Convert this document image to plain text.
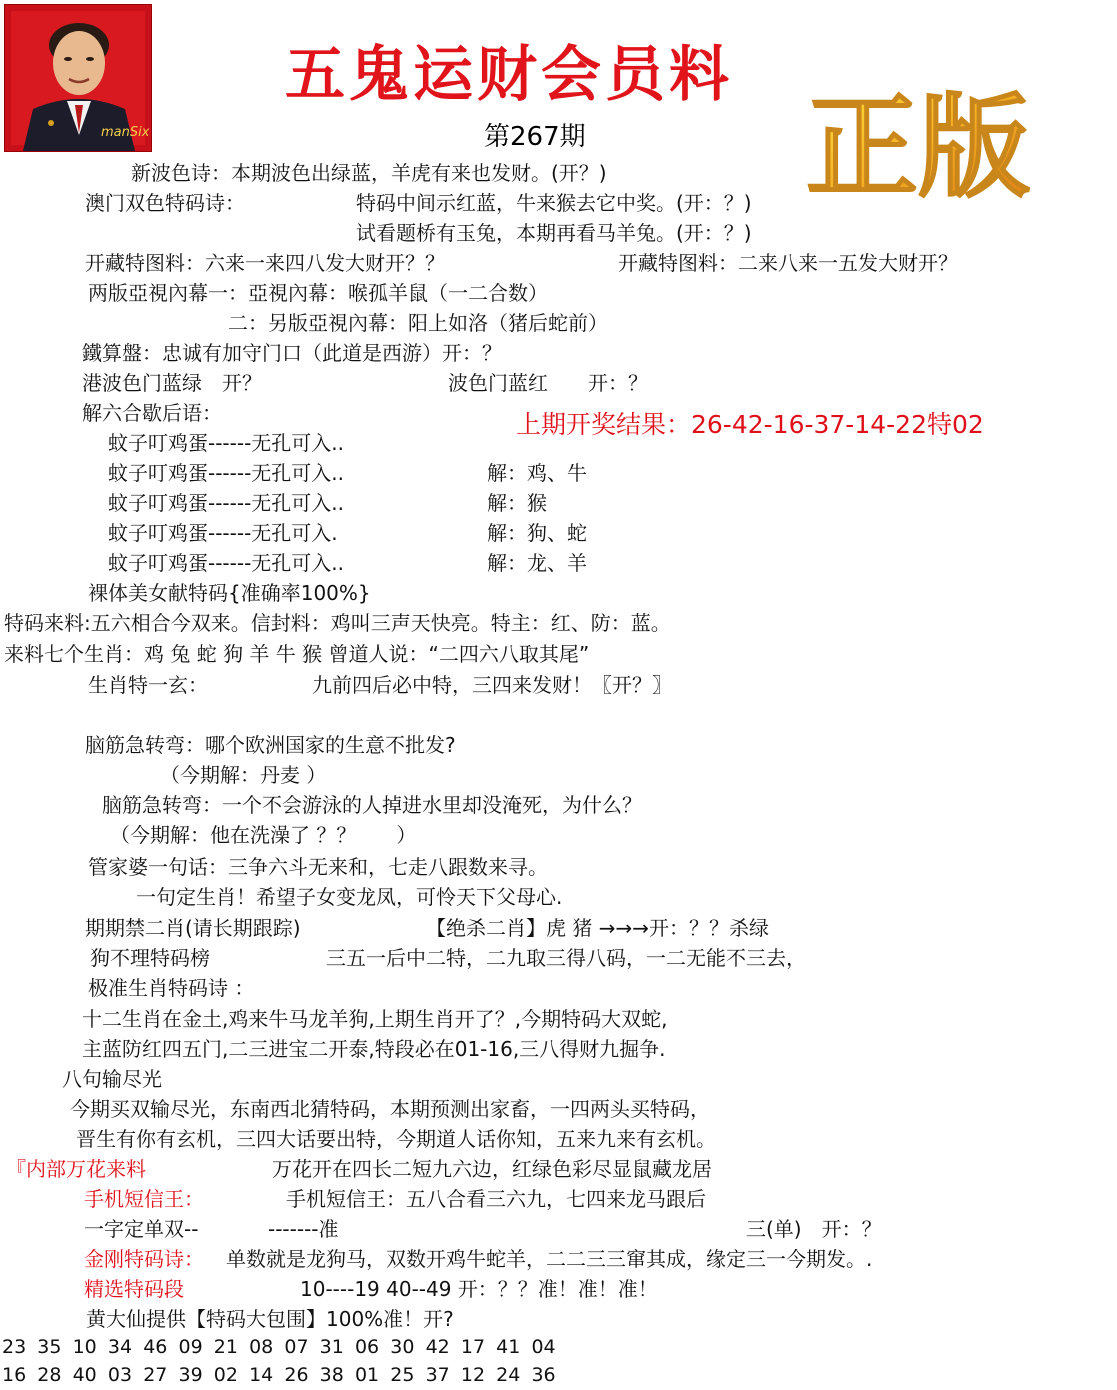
manSix
五鬼运财会员料
第267期 正版
新波色诗：本期波色出绿蓝，羊虎有来也发财。(开？)
澳门双色特码诗：	特码中间示红蓝，牛来猴去它中奖。(开：？)
试看题桥有玉兔，本期再看马羊兔。(开：？)
开藏特图料：六来一来四八发大财开？？	开藏特图料：二来八来一五发大财开？
两版亞視內幕一：亞視內幕：喉孤羊鼠（一二合数）
二：另版亞視內幕：阳上如洛（猪后蛇前）
鐵算盤：忠诚有加守门口（此道是西游）开：？
港波色门蓝绿　开？	波色门蓝红　　开：？
解六合歇后语：	上期开奖结果：26-42-16-37-14-22特02
蚊子叮鸡蛋------无孔可入..
蚊子叮鸡蛋------无孔可入..	解：鸡、牛
蚊子叮鸡蛋------无孔可入..	解：猴
蚊子叮鸡蛋------无孔可入.	解：狗、蛇
蚊子叮鸡蛋------无孔可入..	解：龙、羊
裸体美女献特码{准确率100%}
特码来料:五六相合今双来。信封料：鸡叫三声天快亮。特主：红、防：蓝。
来料七个生肖：鸡 兔 蛇 狗 羊 牛 猴 曾道人说：“二四六八取其尾”
生肖特一玄：	九前四后必中特，三四来发财！〖开？〗
脑筋急转弯：哪个欧洲国家的生意不批发?
（今期解：丹麦 ）
脑筋急转弯：一个不会游泳的人掉进水里却没淹死，为什么？
（今期解：他在洗澡了 ？？　　）
管家婆一句话：三争六斗无来和，七走八跟数来寻。
一句定生肖！希望子女变龙凤，可怜天下父母心.
期期禁二肖(请长期跟踪)	【绝杀二肖】虎 猪 →→→开：？？杀绿
狗不理特码榜	三五一后中二特，二九取三得八码，一二无能不三去，
极准生肖特码诗 ：
十二生肖在金土,鸡来牛马龙羊狗,上期生肖开了？,今期特码大双蛇,
主蓝防红四五门,二三进宝二开泰,特段必在01-16,三八得财九掘争.
八句输尽光
今期买双输尽光，东南西北猜特码，本期预测出家畜，一四两头买特码，
晋生有你有玄机，三四大话要出特，今期道人话你知，五来九来有玄机。
『内部万花来料	万花开在四长二短九六边，红绿色彩尽显鼠藏龙居
手机短信王：	手机短信王：五八合看三六九，七四来龙马跟后
一字定单双--	-------准	三(单)　开：？
金刚特码诗： 单数就是龙狗马，双数开鸡牛蛇羊，二二三三窜其成，缘定三一今期发。.
精选特码段	10----19 40--49 开：？？准！准！准！
黄大仙提供【特码大包围】100%准！开?
23 35 10 34 46 09 21 08 07 31 06 30 42 17 41 04
16 28 40 03 27 39 02 14 26 38 01 25 37 12 24 36
